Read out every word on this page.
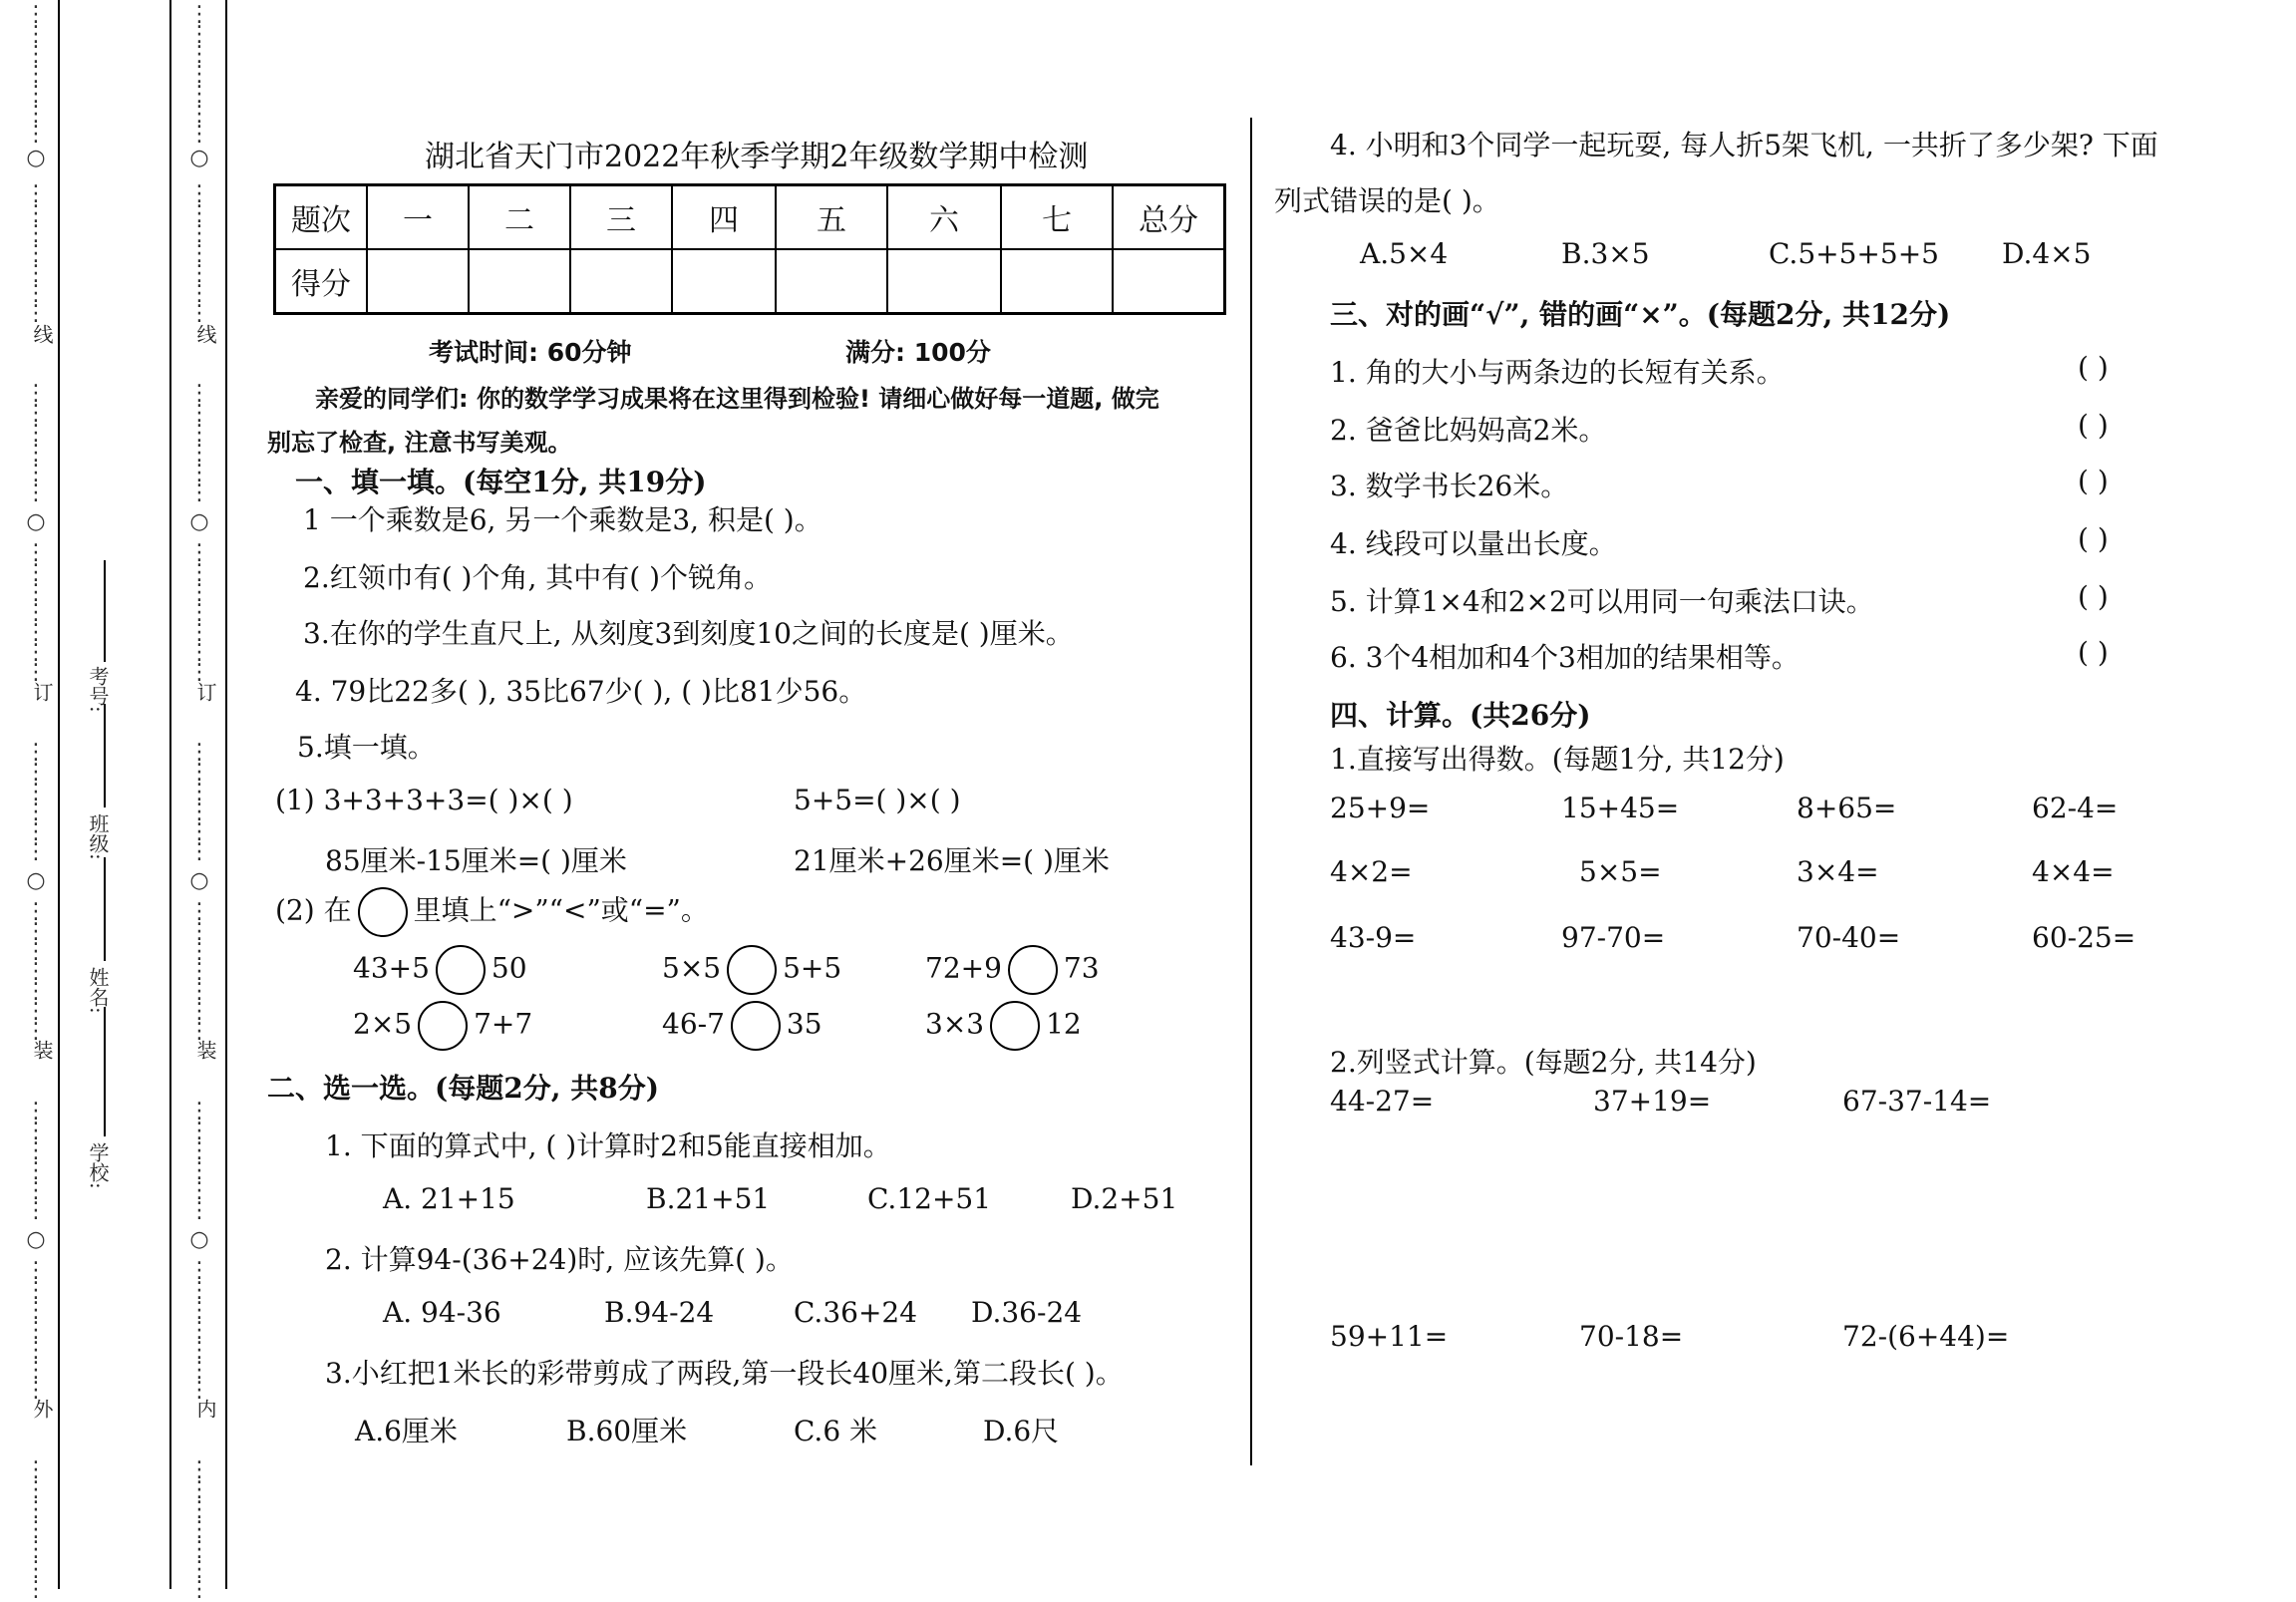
⋮
⋮
⋮
⋮
⋮
⋮
⋮
⋮
⋮
⋮
⋮
⋮
⋮
⋮
⋮
⋮
⋮
⋮
⋮
⋮
⋮
⋮
⋮
⋮
⋮
⋮
⋮
⋮
⋮
⋮
⋮
⋮
⋮
⋮
⋮
⋮
⋮
⋮
⋮
⋮
⋮
⋮
⋮
⋮
⋮
⋮
⋮
⋮
⋮
⋮
⋮
⋮
⋮
⋮
⋮
⋮
⋮
⋮
⋮
⋮
○
○
○
○
⋮
⋮
⋮
⋮
⋮
⋮
⋮
⋮
⋮
⋮
⋮
⋮
⋮
⋮
⋮
⋮
⋮
⋮
⋮
⋮
⋮
⋮
⋮
⋮
⋮
⋮
⋮
⋮
⋮
⋮
⋮
⋮
⋮
⋮
⋮
⋮
⋮
⋮
⋮
⋮
⋮
⋮
⋮
⋮
⋮
⋮
⋮
⋮
⋮
⋮
⋮
⋮
⋮
⋮
⋮
⋮
⋮
⋮
⋮
⋮
○
○
○
○
线
订
装
外
线
订
装
内
考号:
班级:
姓名:
学校:
湖北省天门市2022年秋季学期2年级数学期中检测
题次	一	二	三	四	五	六	七	总分
得分								
考试时间: 60分钟	满分: 100分
亲爱的同学们: 你的数学学习成果将在这里得到检验! 请细心做好每一道题, 做完
别忘了检查, 注意书写美观。
一、填一填。(每空1分, 共19分)
1 一个乘数是6, 另一个乘数是3, 积是( )。
2.红领巾有( )个角, 其中有( )个锐角。
3.在你的学生直尺上, 从刻度3到刻度10之间的长度是( )厘米。
4. 79比22多( ), 35比67少( ), ( )比81少56。
5.填一填。
(1) 3+3+3+3=( )×( )	5+5=( )×( )
85厘米-15厘米=( )厘米	21厘米+26厘米=( )厘米
(2) 在 里填上“>”“<”或“=”。
43+5 50	5×5 5+5	72+9 73
2×5 7+7	46-7 35	3×3 12
二、选一选。(每题2分, 共8分)
1. 下面的算式中, ( )计算时2和5能直接相加。
A. 21+15	B.21+51	C.12+51	D.2+51
2. 计算94-(36+24)时, 应该先算( )。
A. 94-36	B.94-24	C.36+24 D.36-24
3.小红把1米长的彩带剪成了两段,第一段长40厘米,第二段长( )。
A.6厘米	B.60厘米	C.6 米	D.6尺
4. 小明和3个同学一起玩耍, 每人折5架飞机, 一共折了多少架? 下面
列式错误的是( )。
A.5×4	B.3×5	C.5+5+5+5 D.4×5
三、对的画“√”, 错的画“×”。(每题2分, 共12分)
1. 角的大小与两条边的长短有关系。	( )
2. 爸爸比妈妈高2米。	( )
3. 数学书长26米。	( )
4. 线段可以量出长度。	( )
5. 计算1×4和2×2可以用同一句乘法口诀。	( )
6. 3个4相加和4个3相加的结果相等。	( )
四、计算。(共26分)
1.直接写出得数。(每题1分, 共12分)
25+9=	15+45=	8+65=	62-4=
4×2=	5×5=	3×4=	4×4=
43-9=	97-70=	70-40=	60-25=
2.列竖式计算。(每题2分, 共14分)
44-27=	37+19=	67-37-14=
59+11=	70-18=	72-(6+44)=
